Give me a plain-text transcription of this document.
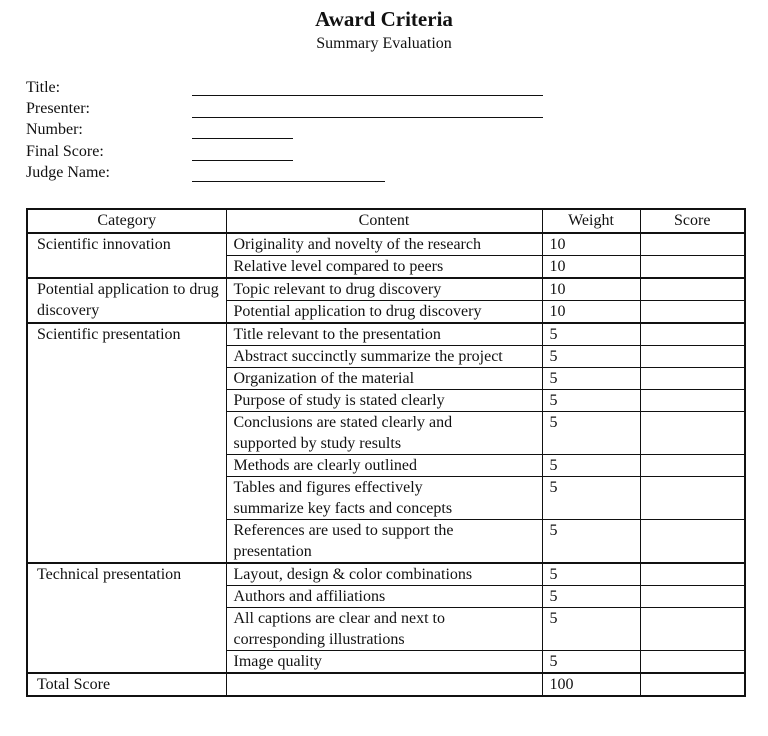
Award Criteria
Summary Evaluation
Title:
Presenter:
Number:
Final Score:
Judge Name:
Category	Content	Weight	Score
Scientific innovation	Originality and novelty of the research	10	
	Relative level compared to peers	10	
Potential application to drug discovery	Topic relevant to drug discovery	10	
	Potential application to drug discovery	10	
Scientific presentation	Title relevant to the presentation	5	
	Abstract succinctly summarize the project	5	
	Organization of the material	5	
	Purpose of study is stated clearly	5	
	Conclusions are stated clearly and supported by study results	5	
	Methods are clearly outlined	5	
	Tables and figures effectively summarize key facts and concepts	5	
	References are used to support the presentation	5	
Technical presentation	Layout, design & color combinations	5	
	Authors and affiliations	5	
	All captions are clear and next to corresponding illustrations	5	
	Image quality	5	
Total Score		100	
